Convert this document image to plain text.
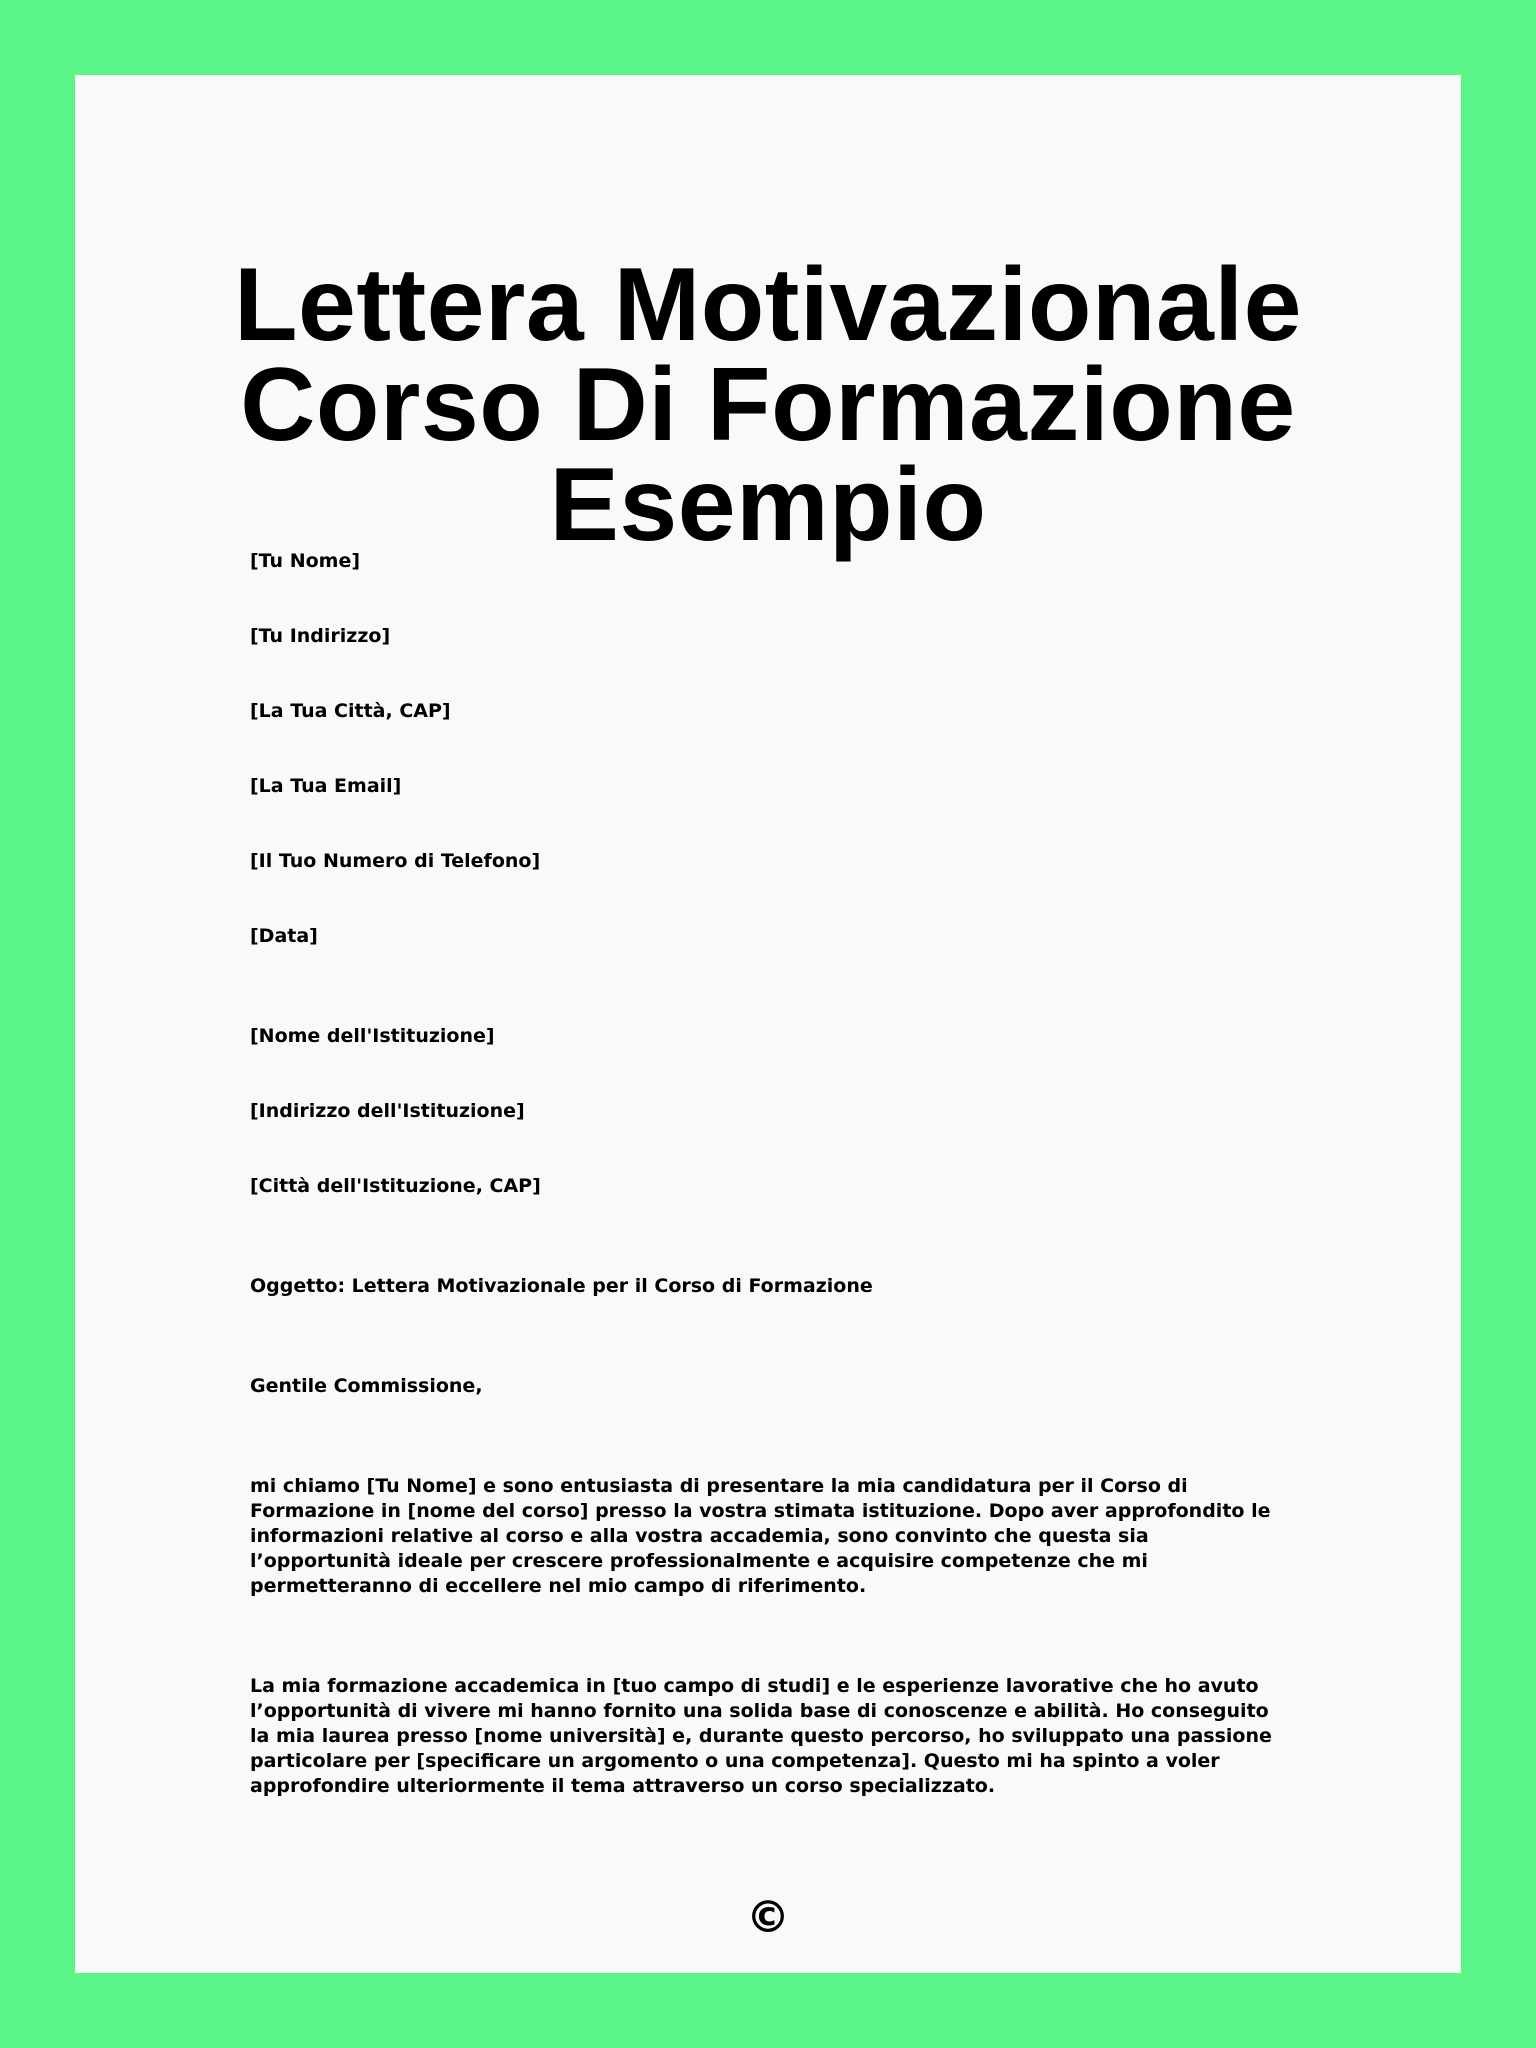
Lettera Motivazionale Corso Di Formazione Esempio

[Tu Nome]

[Tu Indirizzo]

[La Tua Città, CAP]

[La Tua Email]

[Il Tuo Numero di Telefono]

[Data]

[Nome dell'Istituzione]

[Indirizzo dell'Istituzione]

[Città dell'Istituzione, CAP]

Oggetto: Lettera Motivazionale per il Corso di Formazione

Gentile Commissione,

mi chiamo [Tu Nome] e sono entusiasta di presentare la mia candidatura per il Corso di Formazione in [nome del corso] presso la vostra stimata istituzione. Dopo aver approfondito le informazioni relative al corso e alla vostra accademia, sono convinto che questa sia l’opportunità ideale per crescere professionalmente e acquisire competenze che mi permetteranno di eccellere nel mio campo di riferimento.

La mia formazione accademica in [tuo campo di studi] e le esperienze lavorative che ho avuto l’opportunità di vivere mi hanno fornito una solida base di conoscenze e abilità. Ho conseguito la mia laurea presso [nome università] e, durante questo percorso, ho sviluppato una passione particolare per [specificare un argomento o una competenza]. Questo mi ha spinto a voler approfondire ulteriormente il tema attraverso un corso specializzato.

©
